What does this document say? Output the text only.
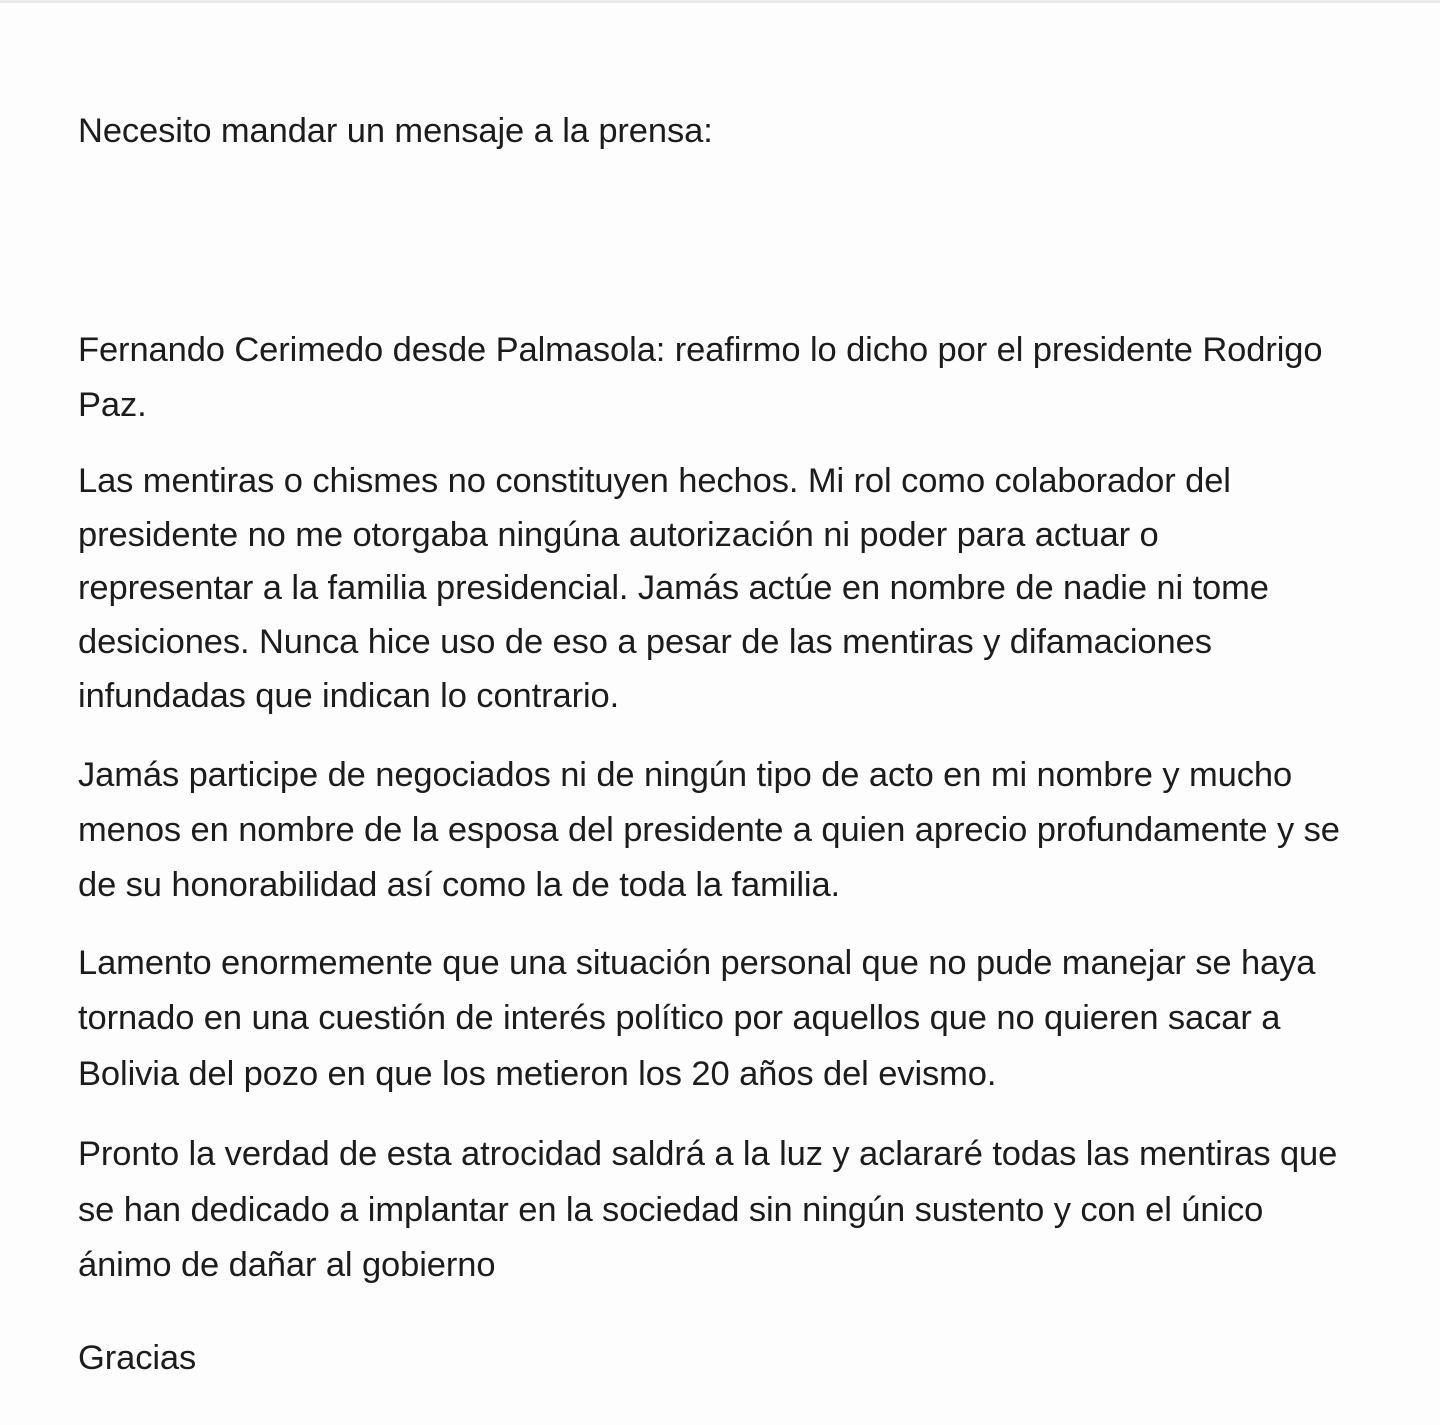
Necesito mandar un mensaje a la prensa:
Fernando Cerimedo desde Palmasola: reafirmo lo dicho por el presidente Rodrigo
Paz.
Las mentiras o chismes no constituyen hechos. Mi rol como colaborador del
presidente no me otorgaba ningúna autorización ni poder para actuar o
representar a la familia presidencial. Jamás actúe en nombre de nadie ni tome
desiciones. Nunca hice uso de eso a pesar de las mentiras y difamaciones
infundadas que indican lo contrario.
Jamás participe de negociados ni de ningún tipo de acto en mi nombre y mucho
menos en nombre de la esposa del presidente a quien aprecio profundamente y se
de su honorabilidad así como la de toda la familia.
Lamento enormemente que una situación personal que no pude manejar se haya
tornado en una cuestión de interés político por aquellos que no quieren sacar a
Bolivia del pozo en que los metieron los 20 años del evismo.
Pronto la verdad de esta atrocidad saldrá a la luz y aclararé todas las mentiras que
se han dedicado a implantar en la sociedad sin ningún sustento y con el único
ánimo de dañar al gobierno
Gracias
